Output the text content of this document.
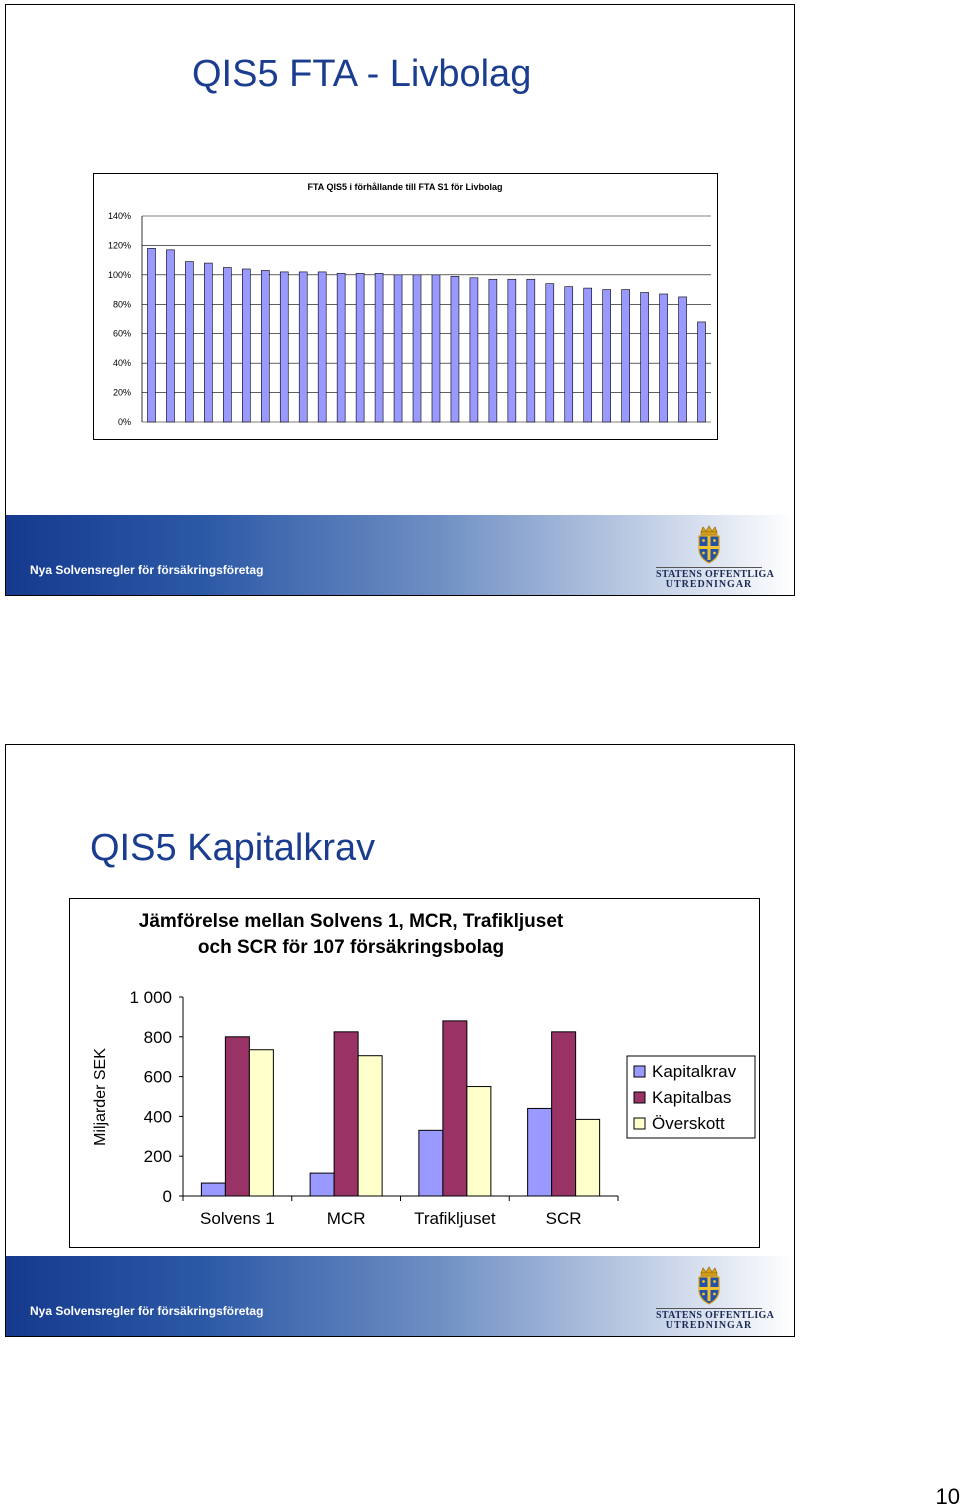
QIS5 FTA - Livbolag
FTA QIS5 i förhållande till FTA S1 för Livbolag
0%
20%
40%
60%
80%
100%
120%
140%
Nya Solvensregler för försäkringsföretag	STATENS OFFENTLIGA
UTREDNINGAR
QIS5 Kapitalkrav
Jämförelse mellan Solvens 1, MCR, Trafikljuset
och SCR för 107 försäkringsbolag
Miljarder SEK
0
200
400
600
800
1 000
Solvens 1	MCR	Trafikljuset	SCR
Kapitalkrav
Kapitalbas
Överskott
Nya Solvensregler för försäkringsföretag	STATENS OFFENTLIGA
UTREDNINGAR
10
